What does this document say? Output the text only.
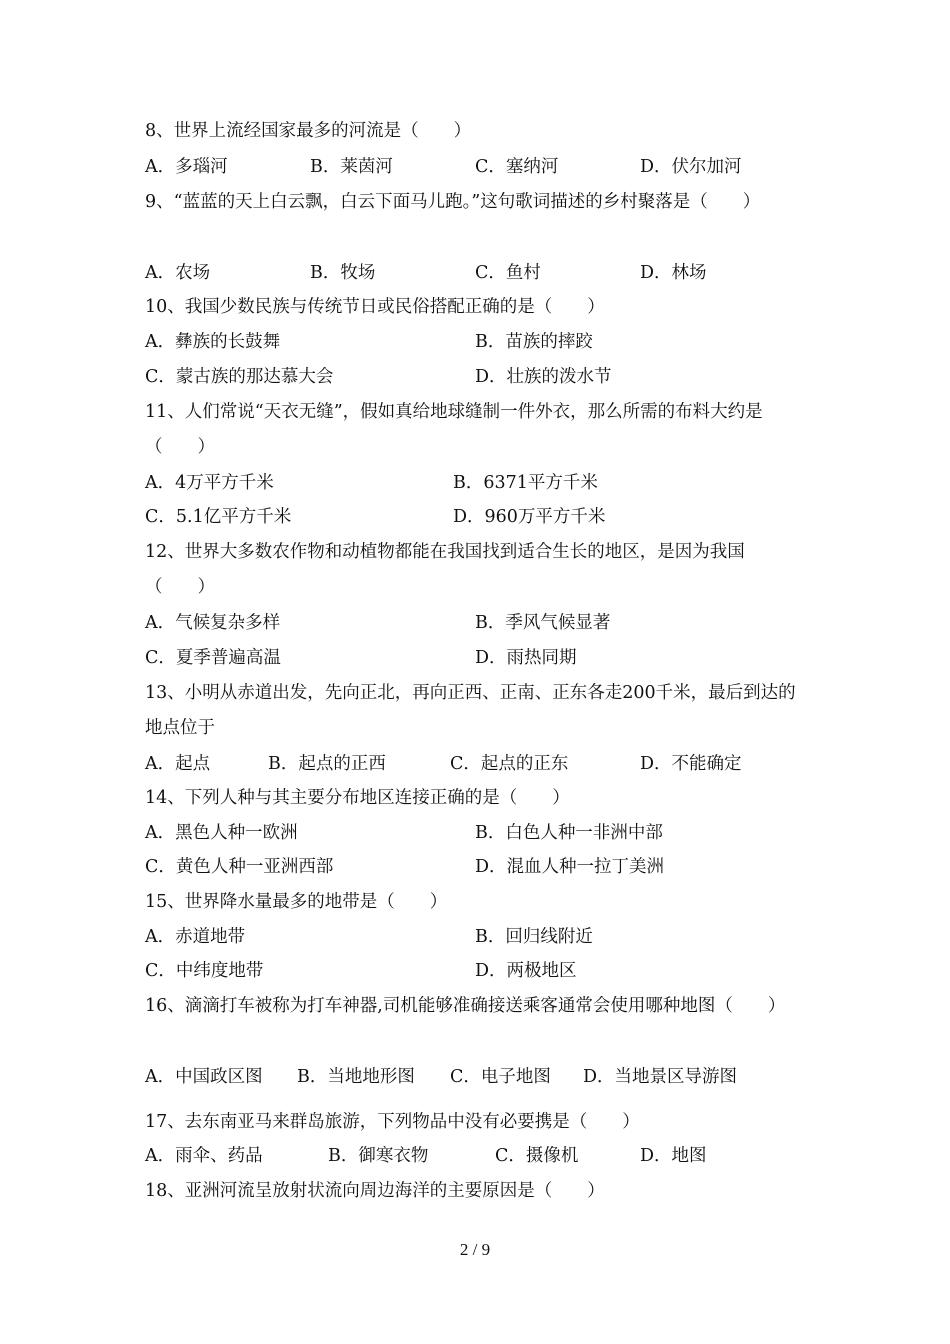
8、世界上流经国家最多的河流是（　　）
A．多瑙河	B．莱茵河	C．塞纳河	D．伏尔加河
9、“蓝蓝的天上白云飘，白云下面马儿跑。”这句歌词描述的乡村聚落是（　　）
A．农场	B．牧场	C．鱼村	D．林场
10、我国少数民族与传统节日或民俗搭配正确的是（　　）
A．彝族的长鼓舞	B．苗族的摔跤
C．蒙古族的那达慕大会	D．壮族的泼水节
11、人们常说“天衣无缝”，假如真给地球缝制一件外衣，那么所需的布料大约是（　　）
A．4万平方千米	B．6371平方千米
C．5.1亿平方千米	D．960万平方千米
12、世界大多数农作物和动植物都能在我国找到适合生长的地区，是因为我国（　　）
A．气候复杂多样	B．季风气候显著
C．夏季普遍高温	D．雨热同期
13、小明从赤道出发，先向正北，再向正西、正南、正东各走200千米，最后到达的地点位于
A．起点	B．起点的正西	C．起点的正东	D．不能确定
14、下列人种与其主要分布地区连接正确的是（　　）
A．黑色人种一欧洲	B．白色人种一非洲中部
C．黄色人种一亚洲西部	D．混血人种一拉丁美洲
15、世界降水量最多的地带是（　　）
A．赤道地带	B．回归线附近
C．中纬度地带	D．两极地区
16、滴滴打车被称为打车神器,司机能够准确接送乘客通常会使用哪种地图（　　）
A．中国政区图 B．当地地形图 C．电子地图 D．当地景区导游图
17、去东南亚马来群岛旅游，下列物品中没有必要携是（　　）
A．雨伞、药品	B．御寒衣物	C．摄像机	D．地图
18、亚洲河流呈放射状流向周边海洋的主要原因是（　　）
2 / 9
